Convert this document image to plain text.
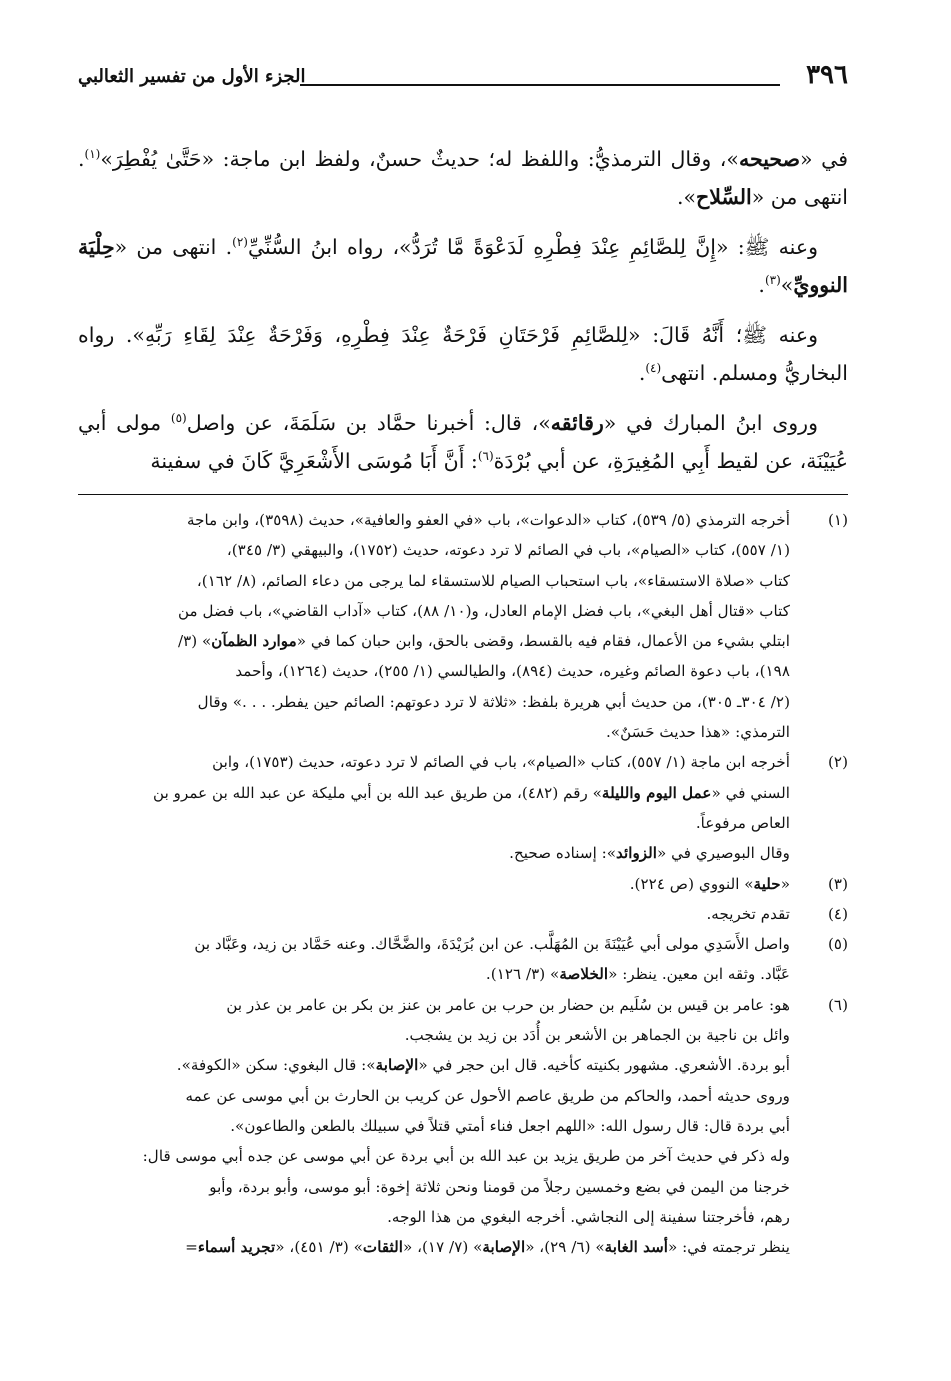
٣٩٦
الجزء الأول من تفسير الثعالبي

في «صحيحه»، وقال الترمذيُّ: واللفظ له؛ حديثٌ حسنٌ، ولفظ ابن ماجة: «حَتَّىٰ يُفْطِرَ»$^{(١)}$. انتهى من «السِّلاح».

وعنه ﷺ: «إِنَّ لِلصَّائِمِ عِنْدَ فِطْرِهِ لَدَعْوَةً مَّا تُرَدُّ»، رواه ابنُ السُّنِّيِّ$^{(٢)}$. انتهى من «حِلْيَة النوويِّ»$^{(٣)}$.

وعنه ﷺ؛ أَنَّهُ قَالَ: «لِلصَّائِمِ فَرْحَتَانِ فَرْحَةٌ عِنْدَ فِطْرِهِ، وَفَرْحَةٌ عِنْدَ لِقَاءِ رَبِّهِ». رواه البخاريُّ ومسلم. انتهى$^{(٤)}$.

وروى ابنُ المبارك في «رقائقه»، قال: أخبرنا حمَّاد بن سَلَمَةَ، عن واصل$^{(٥)}$ مولى أبي عُيَيْنَة، عن لقيط أَبِي المُغِيرَةِ، عن أبي بُرْدَة$^{(٦)}$: أَنَّ أَبَا مُوسَى الأَشْعَرِيَّ كَانَ في سفينة

(١)
أخرجه الترمذي (٥/ ٥٣٩)، كتاب «الدعوات»، باب «في العفو والعافية»، حديث (٣٥٩٨)، وابن ماجة
(١/ ٥٥٧)، كتاب «الصيام»، باب في الصائم لا ترد دعوته، حديث (١٧٥٢)، والبيهقي (٣/ ٣٤٥)،
كتاب «صلاة الاستسقاء»، باب استحباب الصيام للاستسقاء لما يرجى من دعاء الصائم، (٨/ ١٦٢)،
كتاب «قتال أهل البغي»، باب فضل الإمام العادل، و(١٠/ ٨٨)، كتاب «آداب القاضي»، باب فضل من
ابتلي بشيء من الأعمال، فقام فيه بالقسط، وقضى بالحق، وابن حبان كما في «موارد الظمآن» (٣/
١٩٨)، باب دعوة الصائم وغيره، حديث (٨٩٤)، والطيالسي (١/ ٢٥٥)، حديث (١٢٦٤)، وأحمد
(٢/ ٣٠٤ـ ٣٠٥)، من حديث أبي هريرة بلفظ: «ثلاثة لا ترد دعوتهم: الصائم حين يفطر. . . .» وقال
الترمذي: «هذا حديث حَسَنٌ».
(٢)
أخرجه ابن ماجة (١/ ٥٥٧)، كتاب «الصيام»، باب في الصائم لا ترد دعوته، حديث (١٧٥٣)، وابن
السني في «عمل اليوم والليلة» رقم (٤٨٢)، من طريق عبد الله بن أبي مليكة عن عبد الله بن عمرو بن
العاص مرفوعاً.
وقال البوصيري في «الزوائد»: إسناده صحيح.
(٣)
«حلية» النووي (ص ٢٢٤).
(٤)
تقدم تخريجه.
(٥)
واصل الأَسَدِي مولى أبي عُيَيْنَةَ بن المُهَلَّب. عن ابن بُرَيْدَةَ، والضَّحَّاك. وعنه حَمَّاد بن زيد، وعَبَّاد بن
عَبَّاد. وثقه ابن معين. ينظر: «الخلاصة» (٣/ ١٢٦).
(٦)
هو: عامر بن قيس بن سُلَيم بن حضار بن حرب بن عامر بن عنز بن بكر بن عامر بن عذر بن
وائل بن ناجية بن الجماهر بن الأشعر بن أُدَد بن زيد بن يشجب.
أبو بردة. الأشعري. مشهور بكنيته كأخيه. قال ابن حجر في «الإصابة»: قال البغوي: سكن «الكوفة».
وروى حديثه أحمد، والحاكم من طريق عاصم الأحول عن كريب بن الحارث بن أبي موسى عن عمه
أبي بردة قال: قال رسول الله: «اللهم اجعل فناء أمتي قتلاً في سبيلك بالطعن والطاعون».
وله ذكر في حديث آخر من طريق يزيد بن عبد الله بن أبي بردة عن أبي موسى عن جده أبي موسى قال:
خرجنا من اليمن في بضع وخمسين رجلاً من قومنا ونحن ثلاثة إخوة: أبو موسى، وأبو بردة، وأبو
رهم، فأخرجتنا سفينة إلى النجاشي. أخرجه البغوي من هذا الوجه.
ينظر ترجمته في: «أسد الغابة» (٦/ ٢٩)، «الإصابة» (٧/ ١٧)، «الثقات» (٣/ ٤٥١)، «تجريد أسماء=
